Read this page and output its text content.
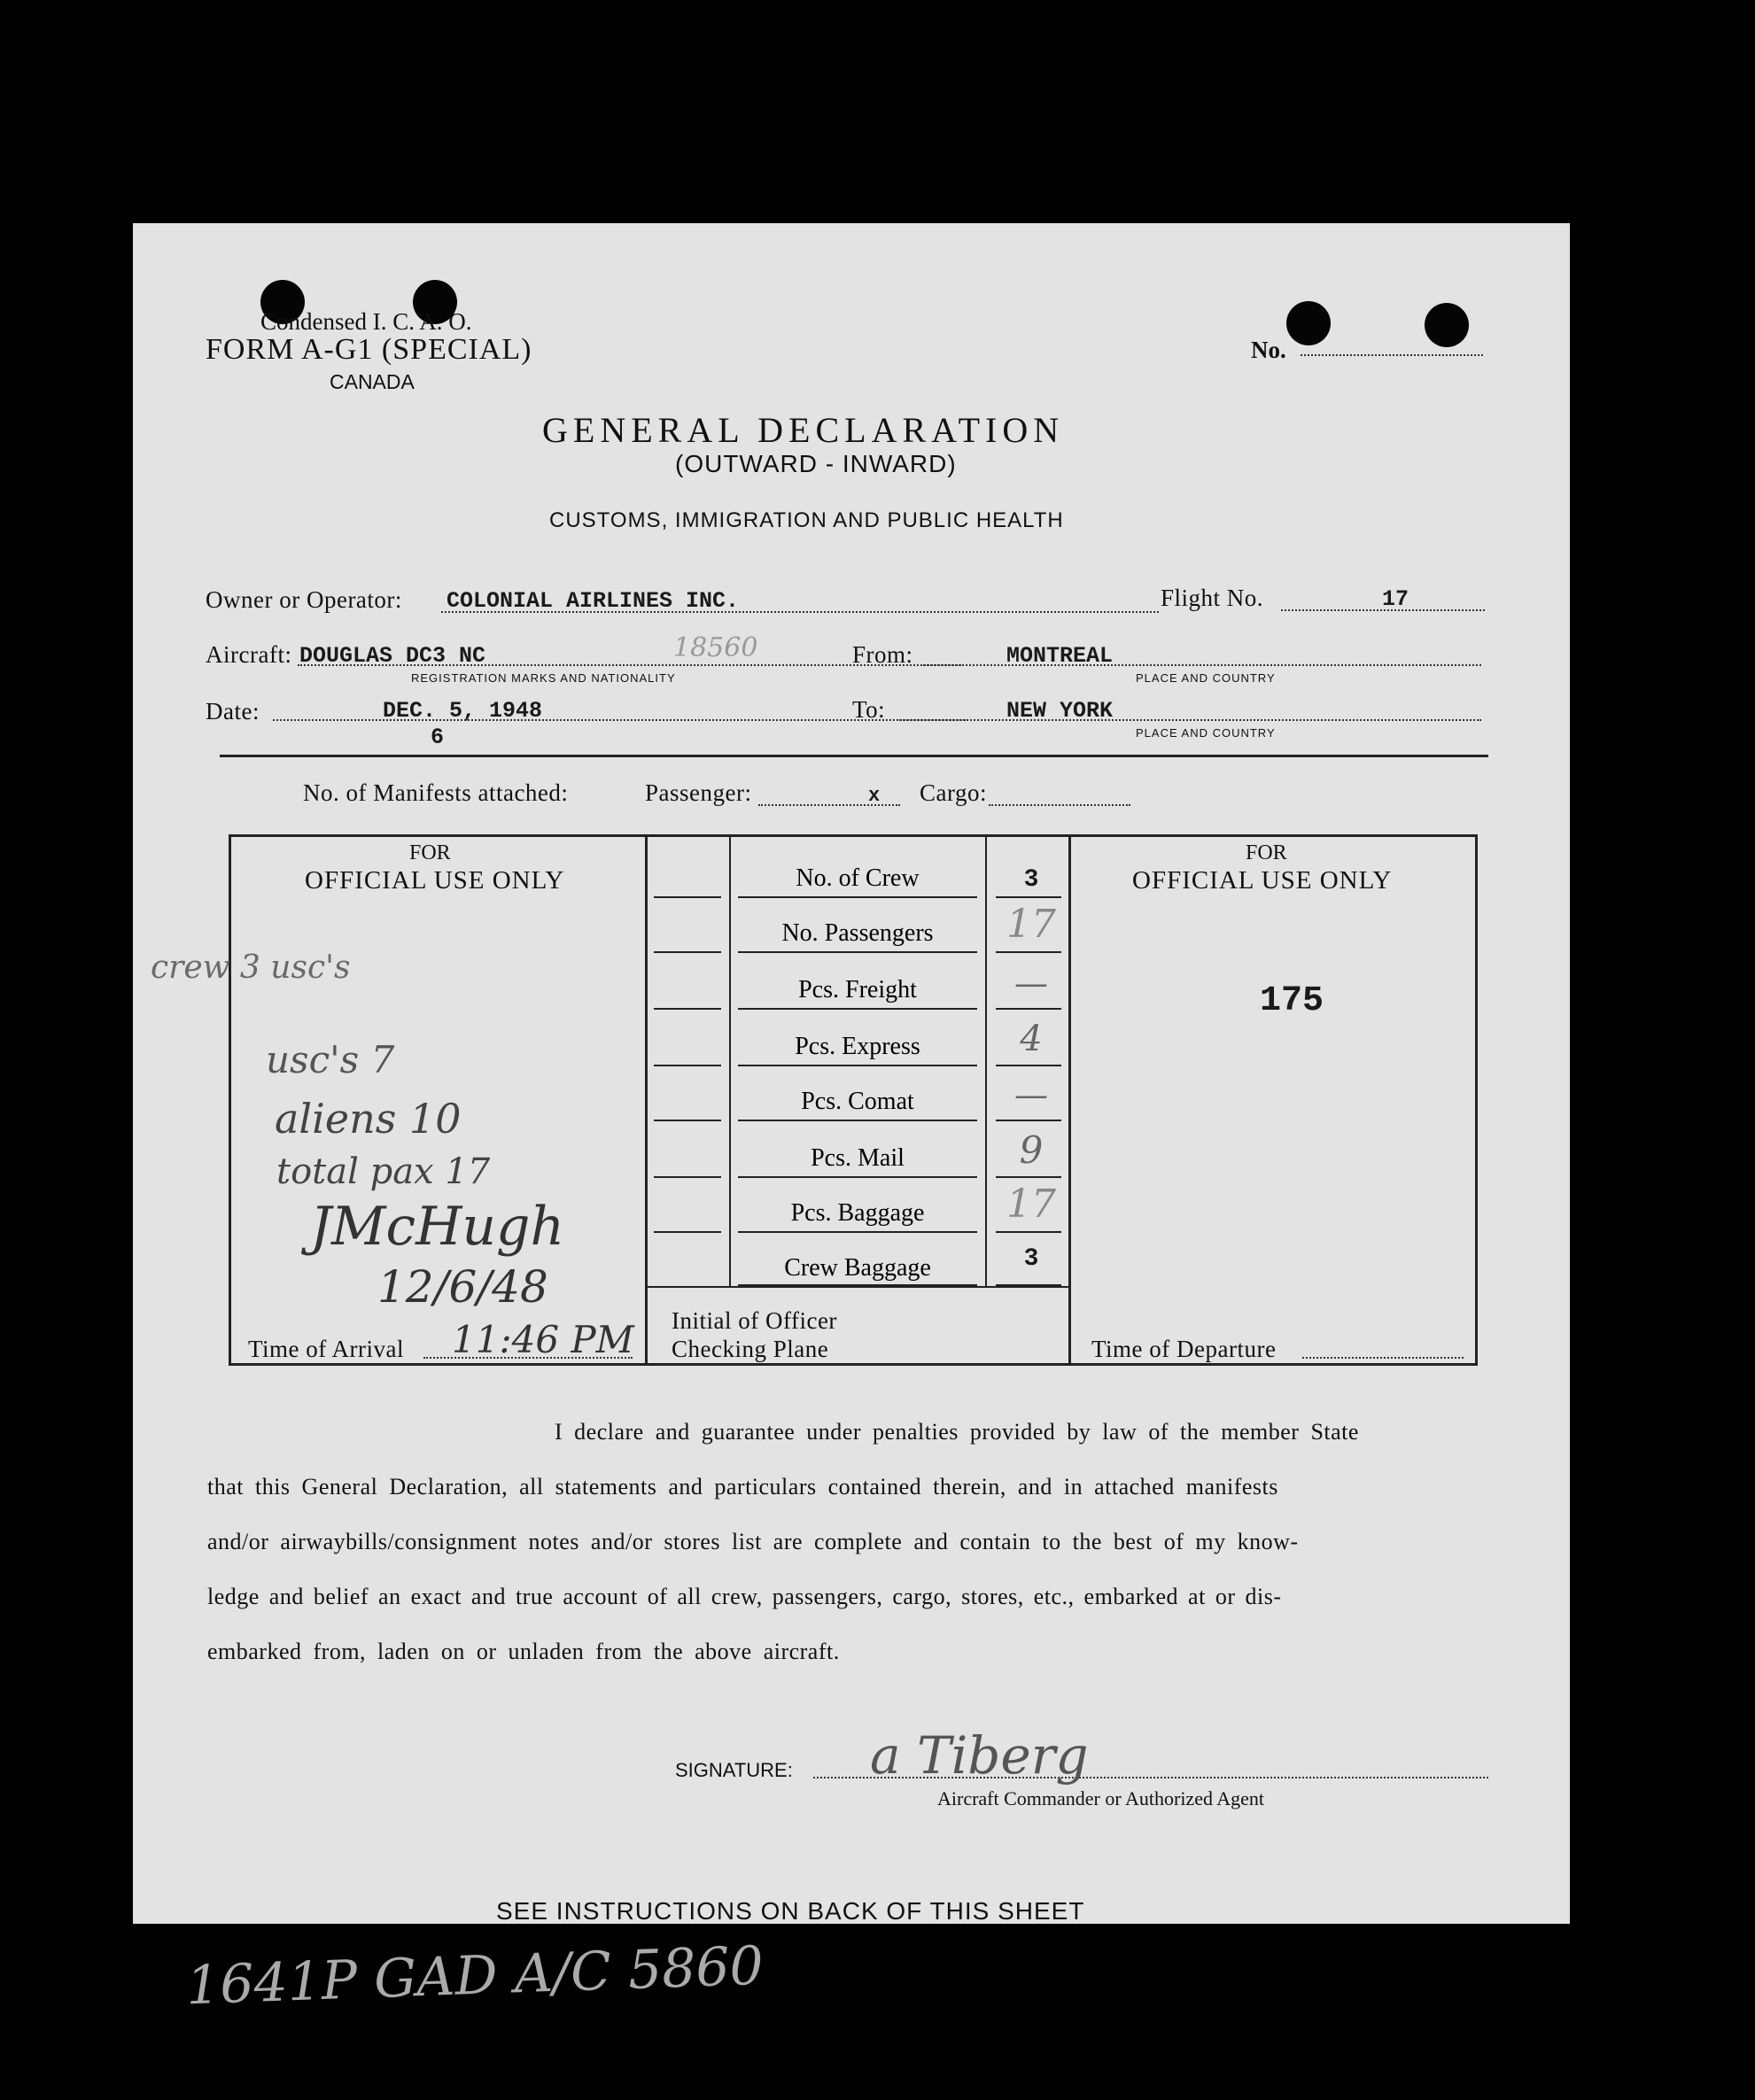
Condensed I. C. A. O.
FORM A-G1 (SPECIAL)
CANADA
No.
GENERAL DECLARATION
(OUTWARD - INWARD)
CUSTOMS, IMMIGRATION AND PUBLIC HEALTH
Owner or Operator: COLONIAL AIRLINES INC.	Flight No.	17
Aircraft: DOUGLAS DC3 NC	18560
REGISTRATION MARKS AND NATIONALITY
From:	MONTREAL
PLACE AND COUNTRY
Date:	DEC. 5, 1948
6
To:	NEW YORK
PLACE AND COUNTRY
No. of Manifests attached:	Passenger:	x Cargo:
FOR
OFFICIAL USE ONLY
FOR
OFFICIAL USE ONLY
175
No. of Crew	3
No. Passengers	17
Pcs. Freight	—
Pcs. Express	4
Pcs. Comat	—
Pcs. Mail	9
Pcs. Baggage	17
Crew Baggage	3
crew 3 usc's
usc's 7
aliens 10
total pax 17
JMcHugh
12/6/48
Time of Arrival 11:46 PM Initial of Officer
Checking Plane	Time of Departure
I declare and guarantee under penalties provided by law of the member State
that this General Declaration, all statements and particulars contained therein, and in attached manifests
and/or airwaybills/consignment notes and/or stores list are complete and contain to the best of my know-
ledge and belief an exact and true account of all crew, passengers, cargo, stores, etc., embarked at or dis-
embarked from, laden on or unladen from the above aircraft.
SIGNATURE: a Tiberg
Aircraft Commander or Authorized Agent
SEE INSTRUCTIONS ON BACK OF THIS SHEET
1641P GAD A/C 5860
